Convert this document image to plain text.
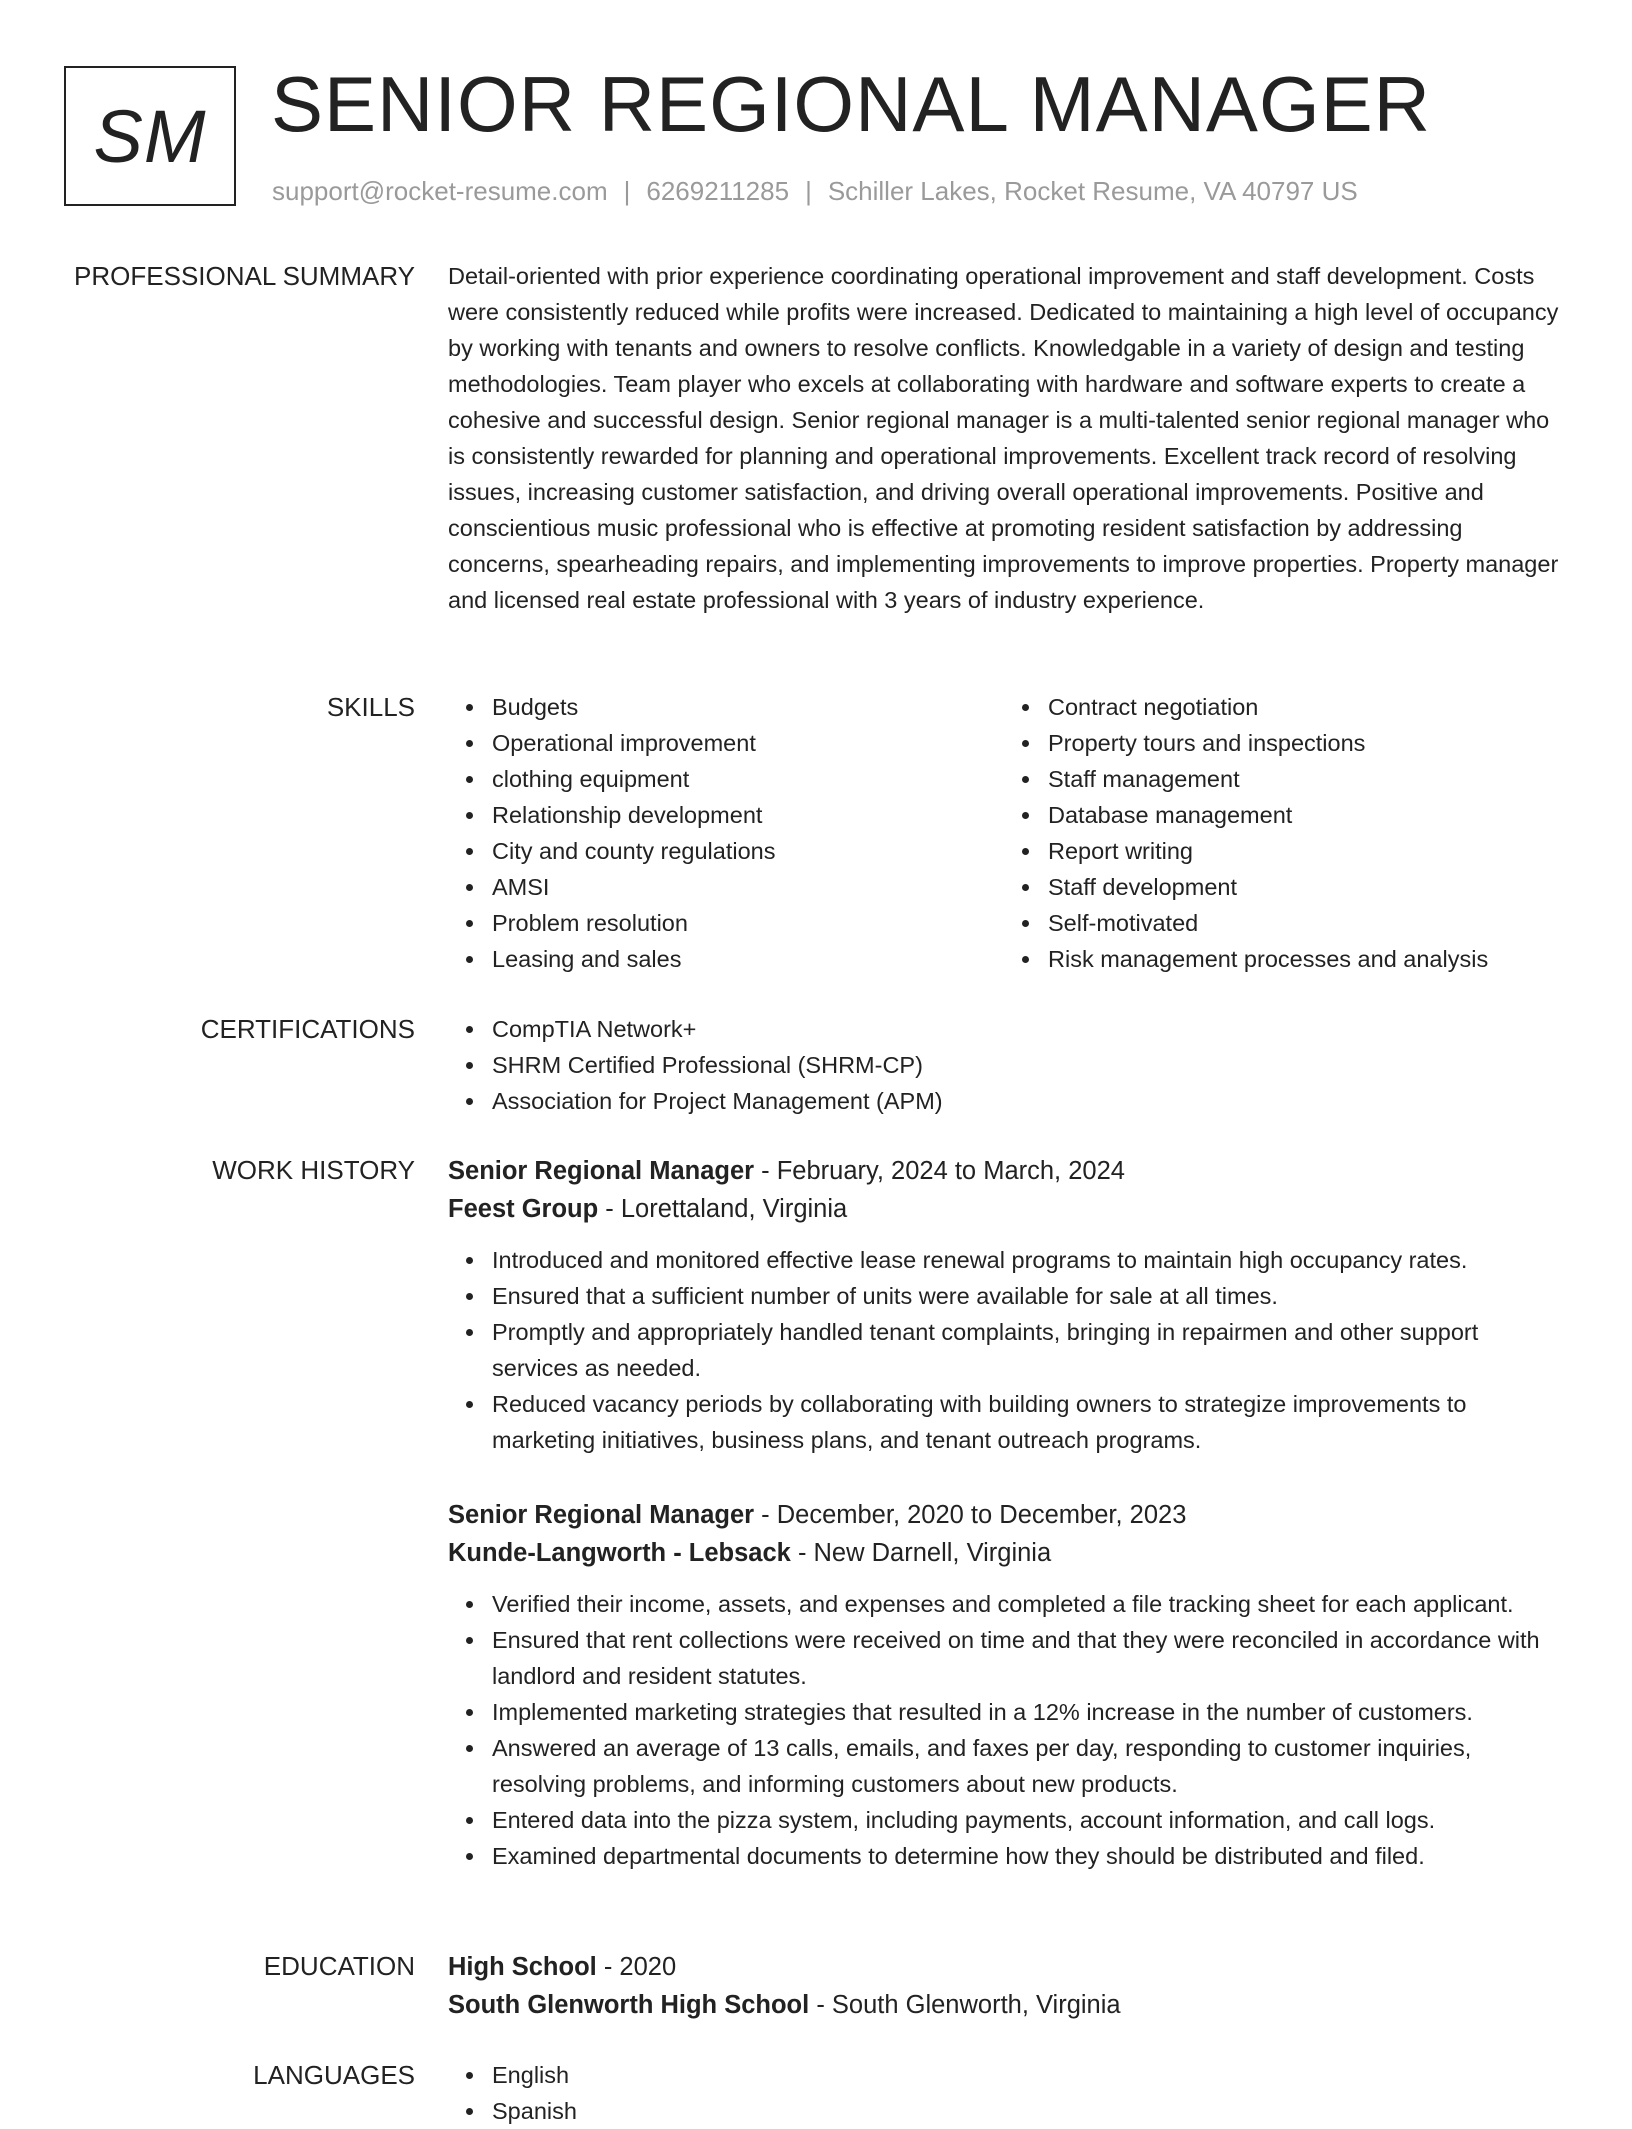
SM SENIOR REGIONAL MANAGER
support@rocket-resume.com | 6269211285 | Schiller Lakes, Rocket Resume, VA 40797 US
PROFESSIONAL SUMMARY Detail-oriented with prior experience coordinating operational improvement and staff development. Costs were consistently reduced while profits were increased. Dedicated to maintaining a high level of occupancy by working with tenants and owners to resolve conflicts. Knowledgable in a variety of design and testing methodologies. Team player who excels at collaborating with hardware and software experts to create a cohesive and successful design. Senior regional manager is a multi-talented senior regional manager who is consistently rewarded for planning and operational improvements. Excellent track record of resolving issues, increasing customer satisfaction, and driving overall operational improvements. Positive and conscientious music professional who is effective at promoting resident satisfaction by addressing concerns, spearheading repairs, and implementing improvements to improve properties. Property manager and licensed real estate professional with 3 years of industry experience.

SKILLS	Budgets
Operational improvement
clothing equipment
Relationship development
City and county regulations
AMSI
Problem resolution
Leasing and sales
Contract negotiation
Property tours and inspections
Staff management
Database management
Report writing
Staff development
Self-motivated
Risk management processes and analysis
CERTIFICATIONS	CompTIA Network+
SHRM Certified Professional (SHRM-CP)
Association for Project Management (APM)
WORK HISTORY Senior Regional Manager - February, 2024 to March, 2024
Feest Group - Lorettaland, Virginia
Introduced and monitored effective lease renewal programs to maintain high occupancy rates.
Ensured that a sufficient number of units were available for sale at all times.
Promptly and appropriately handled tenant complaints, bringing in repairmen and other support services as needed.
Reduced vacancy periods by collaborating with building owners to strategize improvements to marketing initiatives, business plans, and tenant outreach programs.
Senior Regional Manager - December, 2020 to December, 2023
Kunde-Langworth - Lebsack - New Darnell, Virginia
Verified their income, assets, and expenses and completed a file tracking sheet for each applicant.
Ensured that rent collections were received on time and that they were reconciled in accordance with landlord and resident statutes.
Implemented marketing strategies that resulted in a 12% increase in the number of customers.
Answered an average of 13 calls, emails, and faxes per day, responding to customer inquiries, resolving problems, and informing customers about new products.
Entered data into the pizza system, including payments, account information, and call logs.
Examined departmental documents to determine how they should be distributed and filed.
EDUCATION High School - 2020
South Glenworth High School - South Glenworth, Virginia
LANGUAGES	English
Spanish
